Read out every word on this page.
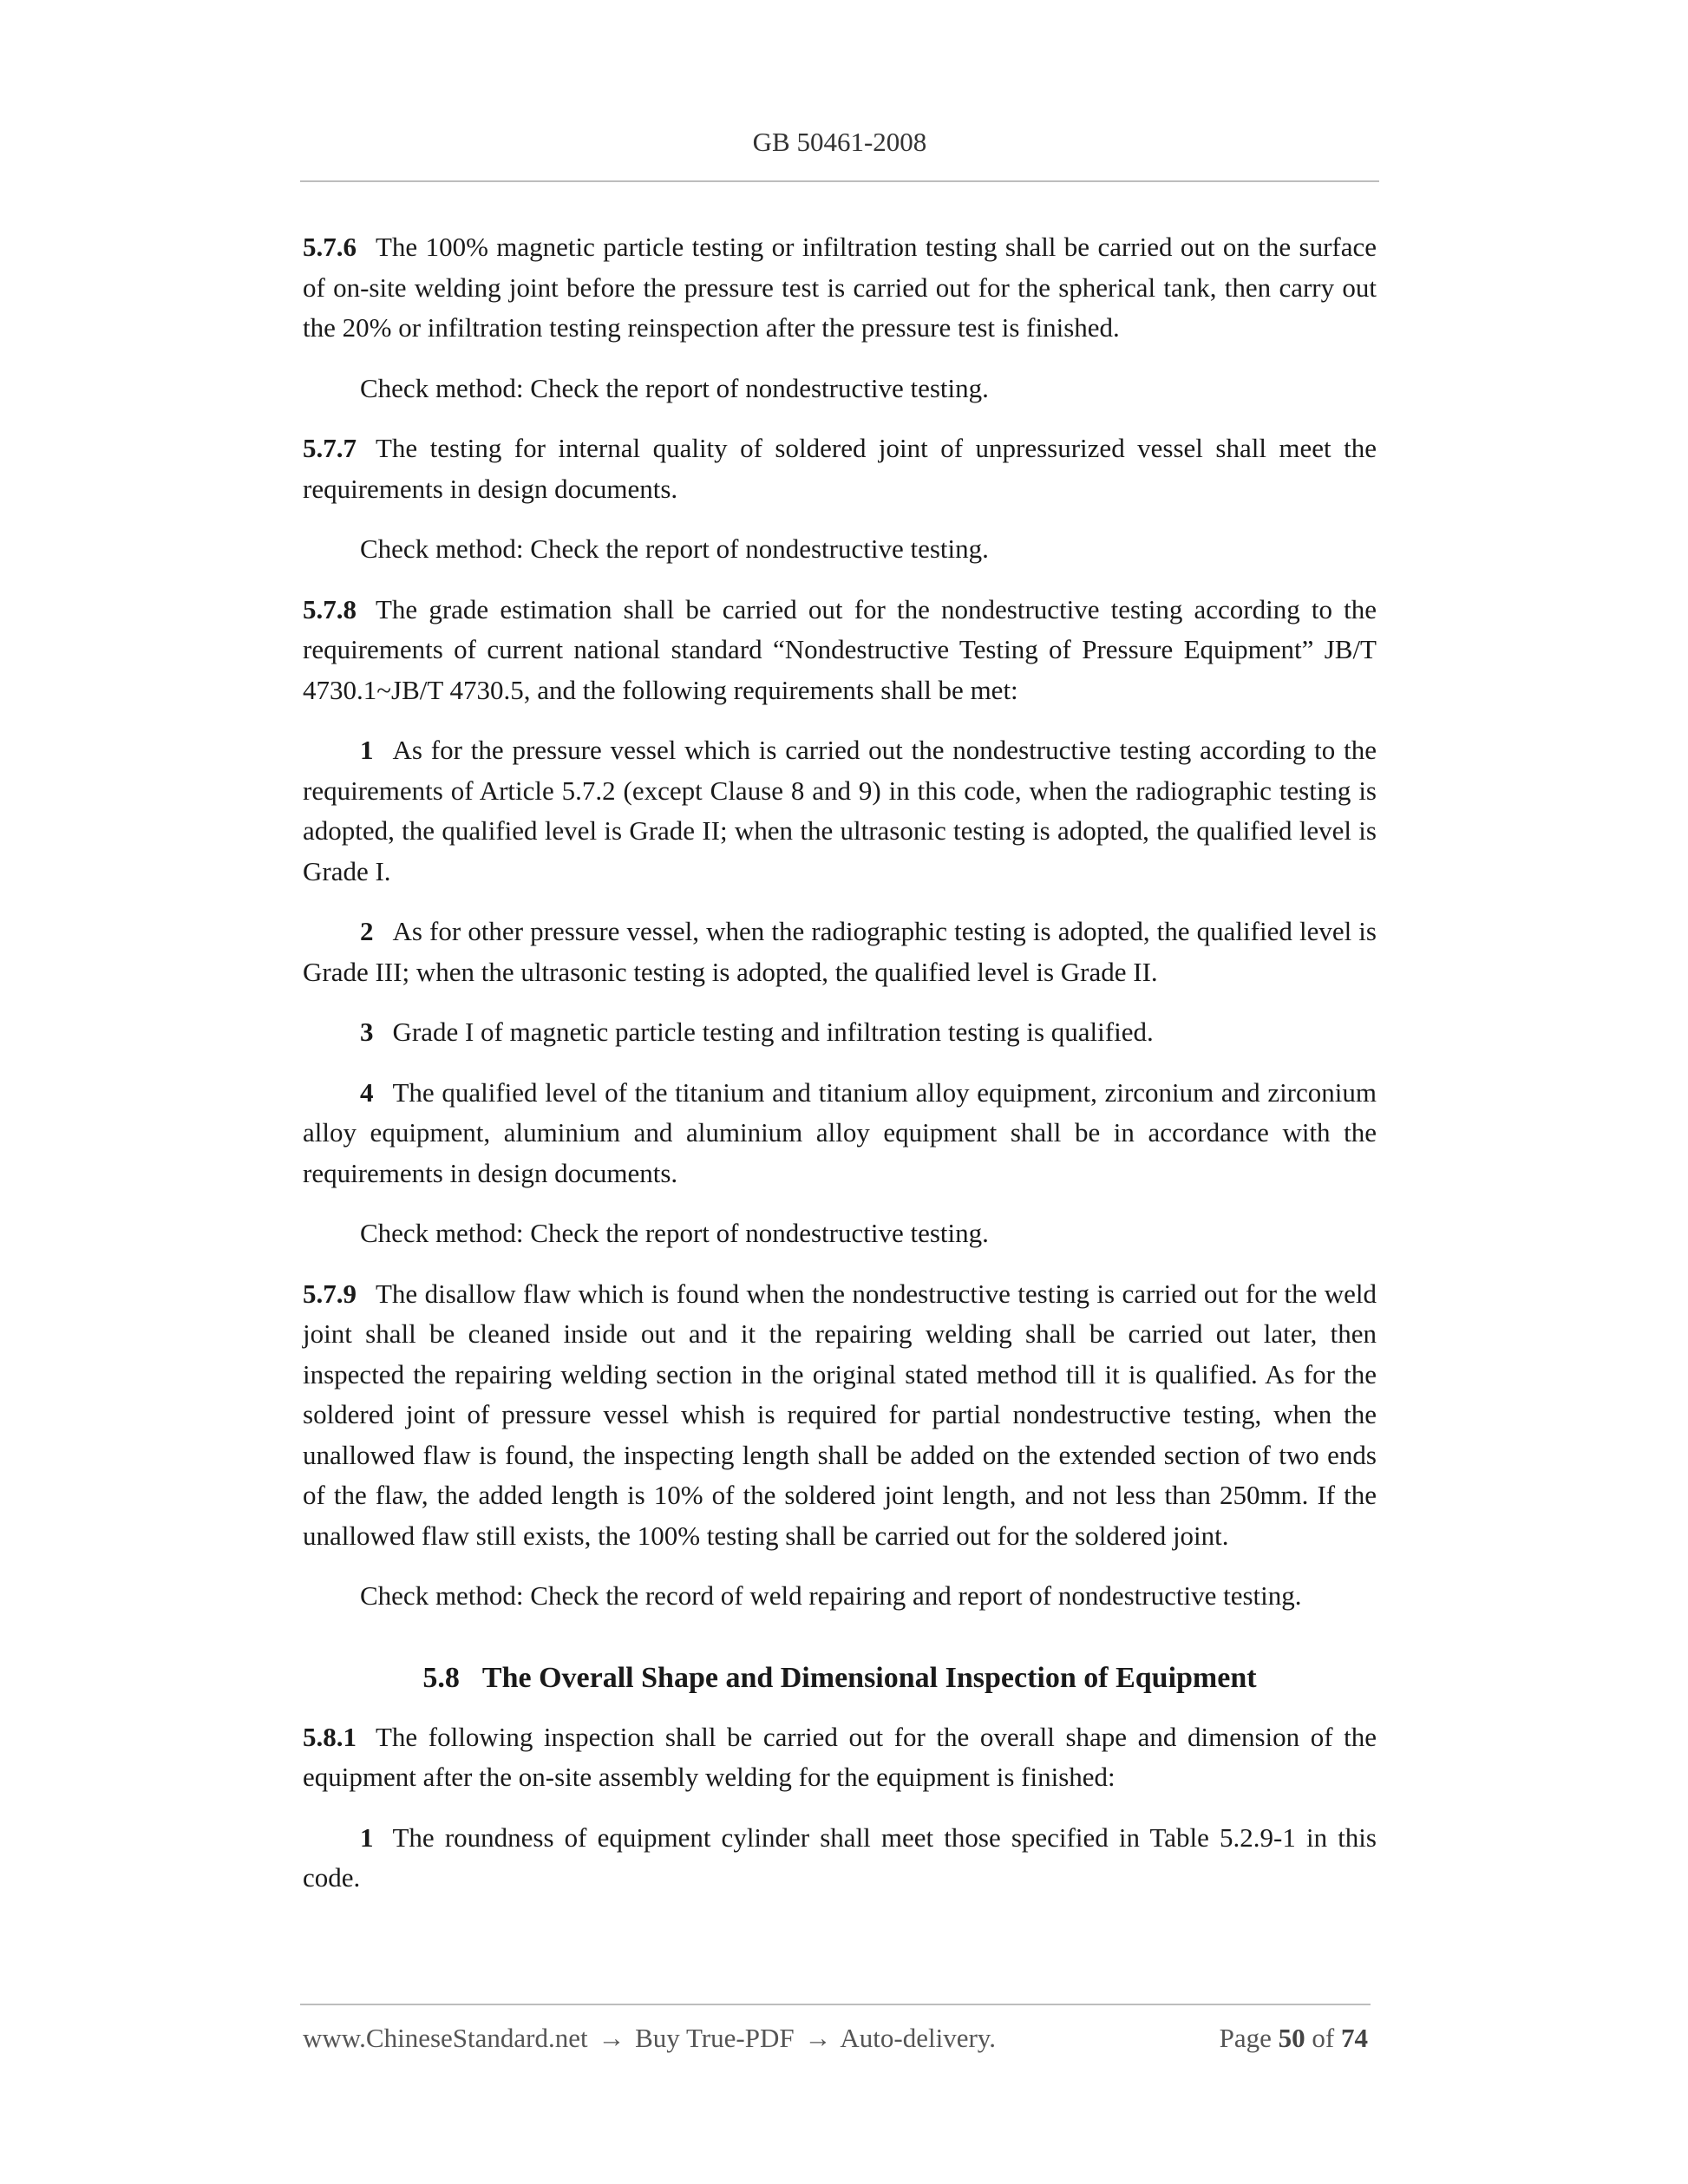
GB 50461-2008

5.7.6 The 100% magnetic particle testing or infiltration testing shall be carried out on the surface of on-site welding joint before the pressure test is carried out for the spherical tank, then carry out the 20% or infiltration testing reinspection after the pressure test is finished.

Check method: Check the report of nondestructive testing.

5.7.7 The testing for internal quality of soldered joint of unpressurized vessel shall meet the requirements in design documents.

Check method: Check the report of nondestructive testing.

5.7.8 The grade estimation shall be carried out for the nondestructive testing according to the requirements of current national standard “Nondestructive Testing of Pressure Equipment” JB/T 4730.1~JB/T 4730.5, and the following requirements shall be met:

1 As for the pressure vessel which is carried out the nondestructive testing according to the requirements of Article 5.7.2 (except Clause 8 and 9) in this code, when the radiographic testing is adopted, the qualified level is Grade II; when the ultrasonic testing is adopted, the qualified level is Grade I.

2 As for other pressure vessel, when the radiographic testing is adopted, the qualified level is Grade III; when the ultrasonic testing is adopted, the qualified level is Grade II.

3 Grade I of magnetic particle testing and infiltration testing is qualified.

4 The qualified level of the titanium and titanium alloy equipment, zirconium and zirconium alloy equipment, aluminium and aluminium alloy equipment shall be in accordance with the requirements in design documents.

Check method: Check the report of nondestructive testing.

5.7.9 The disallow flaw which is found when the nondestructive testing is carried out for the weld joint shall be cleaned inside out and it the repairing welding shall be carried out later, then inspected the repairing welding section in the original stated method till it is qualified. As for the soldered joint of pressure vessel whish is required for partial nondestructive testing, when the unallowed flaw is found, the inspecting length shall be added on the extended section of two ends of the flaw, the added length is 10% of the soldered joint length, and not less than 250mm. If the unallowed flaw still exists, the 100% testing shall be carried out for the soldered joint.

Check method: Check the record of weld repairing and report of nondestructive testing.

5.8 The Overall Shape and Dimensional Inspection of Equipment

5.8.1 The following inspection shall be carried out for the overall shape and dimension of the equipment after the on-site assembly welding for the equipment is finished:

1 The roundness of equipment cylinder shall meet those specified in Table 5.2.9-1 in this code.

www.ChineseStandard.net → Buy True-PDF → Auto-delivery.	Page 50 of 74
